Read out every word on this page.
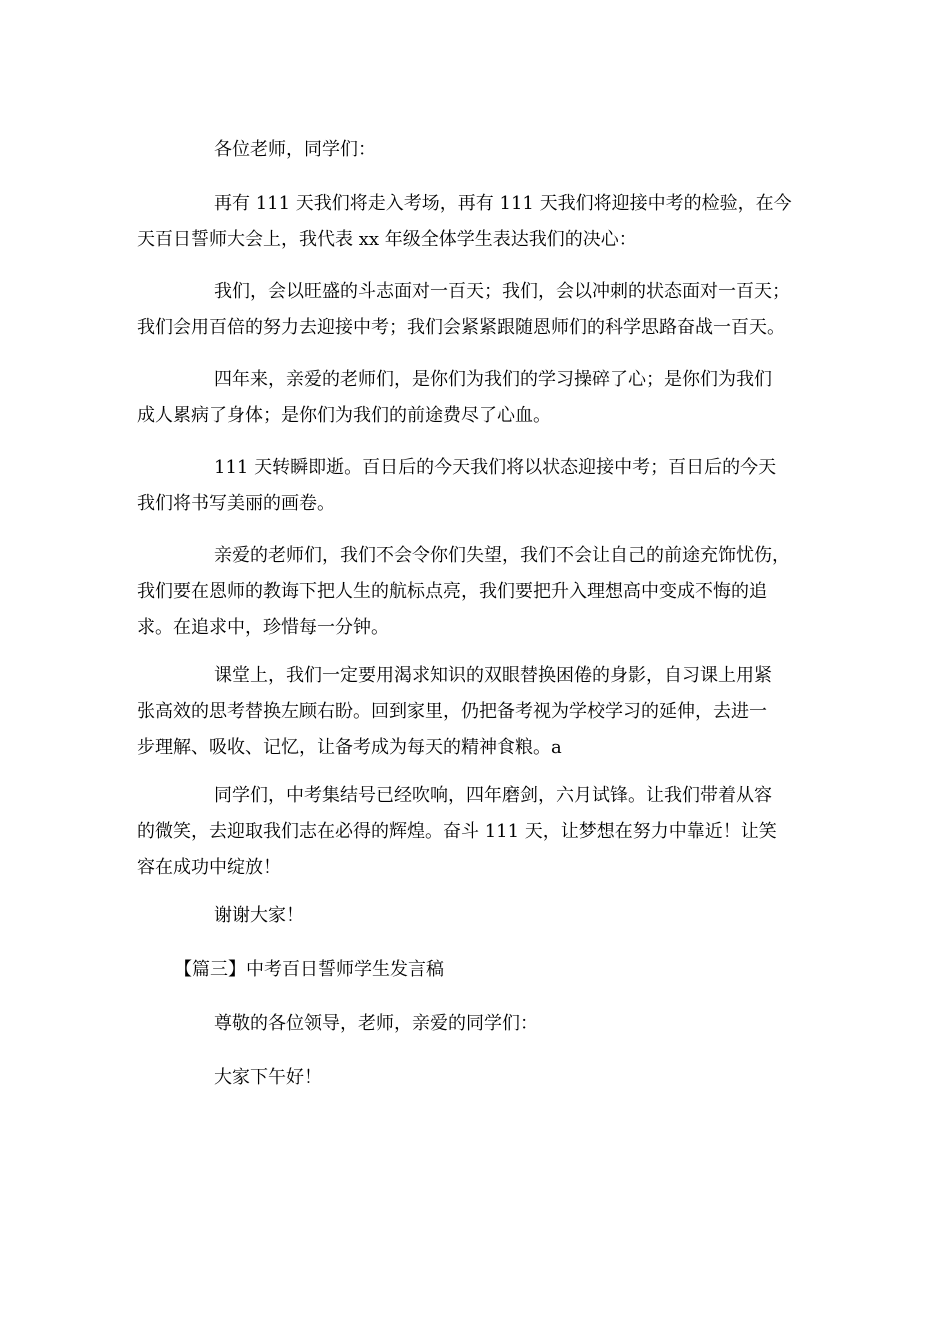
各位老师，同学们：

再有 111 天我们将走入考场，再有 111 天我们将迎接中考的检验，在今
天百日誓师大会上，我代表 xx 年级全体学生表达我们的决心：

我们，会以旺盛的斗志面对一百天；我们，会以冲刺的状态面对一百天；
我们会用百倍的努力去迎接中考；我们会紧紧跟随恩师们的科学思路奋战一百天。

四年来，亲爱的老师们，是你们为我们的学习操碎了心；是你们为我们
成人累病了身体；是你们为我们的前途费尽了心血。

111 天转瞬即逝。百日后的今天我们将以状态迎接中考；百日后的今天
我们将书写美丽的画卷。

亲爱的老师们，我们不会令你们失望，我们不会让自己的前途充饰忧伤，
我们要在恩师的教诲下把人生的航标点亮，我们要把升入理想高中变成不悔的追
求。在追求中，珍惜每一分钟。

课堂上，我们一定要用渴求知识的双眼替换困倦的身影，自习课上用紧
张高效的思考替换左顾右盼。回到家里，仍把备考视为学校学习的延伸，去进一
步理解、吸收、记忆，让备考成为每天的精神食粮。a

同学们，中考集结号已经吹响，四年磨剑，六月试锋。让我们带着从容
的微笑，去迎取我们志在必得的辉煌。奋斗 111 天，让梦想在努力中靠近！让笑
容在成功中绽放！

谢谢大家！

【篇三】中考百日誓师学生发言稿

尊敬的各位领导，老师，亲爱的同学们：

大家下午好！
